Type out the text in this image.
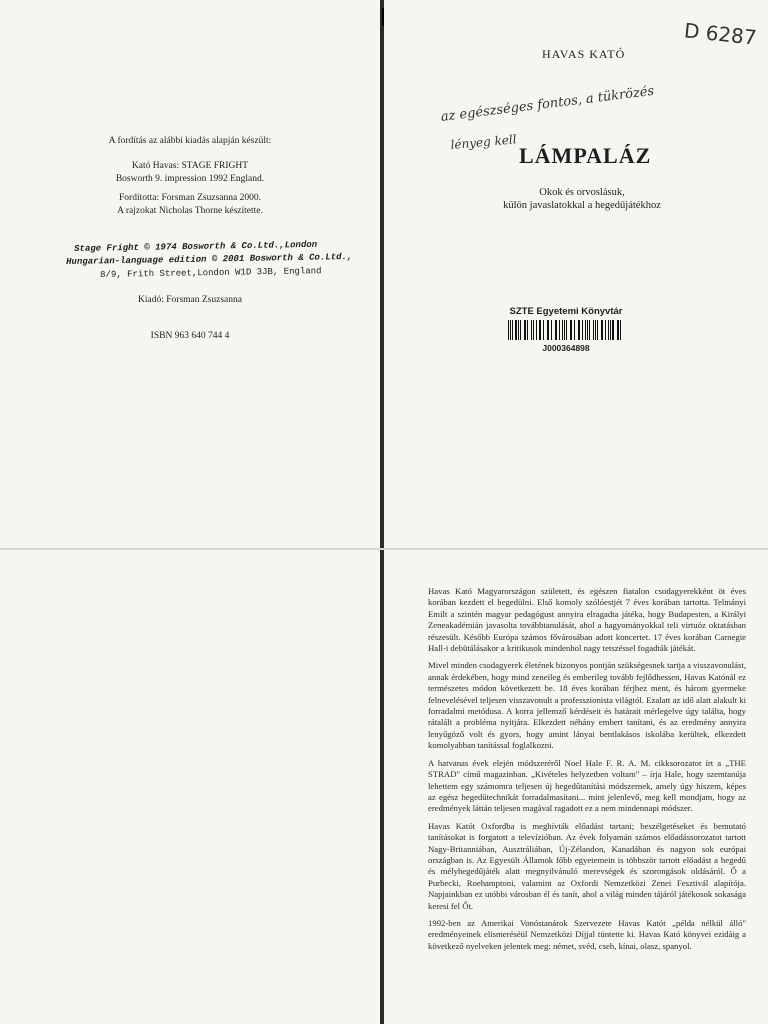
A fordítás az alábbi kiadás alapján készült:
Kató Havas: STAGE FRIGHT
Bosworth 9. impression 1992 England.
Fordította: Forsman Zsuzsanna 2000.
A rajzokat Nicholas Thorne készítette.
Stage Fright © 1974 Bosworth & Co.Ltd.,London
Hungarian-language edition © 2001 Bosworth & Co.Ltd.,
8/9, Frith Street,London W1D 3JB, England
Kiadó: Forsman Zsuzsanna
ISBN 963 640 744 4
D 6287
HAVAS KATÓ
az egészséges fontos, a tükrözés
lényeg kell
LÁMPALÁZ
Okok és orvoslásuk,
külön javaslatokkal a hegedűjátékhoz
SZTE Egyetemi Könyvtár
J000364898

Havas Kató Magyarországon született, és egészen fiatalon csodagyerekként öt éves korában kezdett el hegedülni. Első komoly szólóestjét 7 éves korában tartotta. Telmányi Emilt a szintén magyar pedagógust annyira elragadta játéka, hogy Budapesten, a Királyi Zeneakadémián javasolta továbbtanulását, ahol a hagyományokkal teli virtuóz oktatásban részesült. Később Európa számos fővárosában adott koncertet. 17 éves korában Carnegie Hall-i debütálásakor a kritikusok mindenhol nagy tetszéssel fogadták játékát.

Mivel minden csodagyerek életének bizonyos pontján szükségesnek tartja a visszavonulást, annak érdekében, hogy mind zeneileg és emberileg tovább fejlődhessen, Havas Katónál ez természetes módon következett be. 18 éves korában férjhez ment, és három gyermeke felnevelésével teljesen visszavonult a professzionista világtól. Ezalatt az idő alatt alakult ki forradalmi metódusa. A korra jellemző kérdéseit és határait mérlegelve úgy találta, hogy rátalált a probléma nyitjára. Elkezdett néhány embert tanítani, és az eredmény annyira lenyűgöző volt és gyors, hogy amint lányai bentlakásos iskolába kerültek, elkezdett komolyabban tanítással foglalkozni.

A hatvanas évek elején módszeréről Noel Hale F. R. A. M. cikksorozatot írt a „THE STRAD" című magazinban. „Kivételes helyzetben voltam" – írja Hale, hogy szemtanúja lehettem egy számomra teljesen új hegedűtanítási módszernek, amely úgy hiszem, képes az egész hegedűtechnikát forradalmasítani... mint jelenlevő, meg kell mondjam, hogy az eredmények láttán teljesen magával ragadott ez a nem mindennapi módszer.

Havas Katót Oxfordba is meghívták előadást tartani; beszélgetéseket és bemutató tanításokat is forgatott a televízióban. Az évek folyamán számos előadássorozatot tartott Nagy-Britanniában, Ausztráliában, Új-Zélandon, Kanadában és nagyon sok európai országban is. Az Egyesült Államok főbb egyetemein is többször tartott előadást a hegedű és mélyhegedűjáték alatt megnyilvánuló merevségek és szorongások oldásáról. Ő a Purbecki, Roehamptoni, valamint az Oxfordi Nemzetközi Zenei Fesztivál alapítója. Napjainkban ez utóbbi városban él és tanít, ahol a világ minden tájáról játékosok sokasága keresi fel Őt.

1992-ben az Amerikai Vonóstanárok Szervezete Havas Katót „példa nélkül álló" eredményeinek elismeréséül Nemzetközi Díjjal tüntette ki. Havas Kató könyvei ezidáig a következő nyelveken jelentek meg: német, svéd, cseh, kínai, olasz, spanyol.
